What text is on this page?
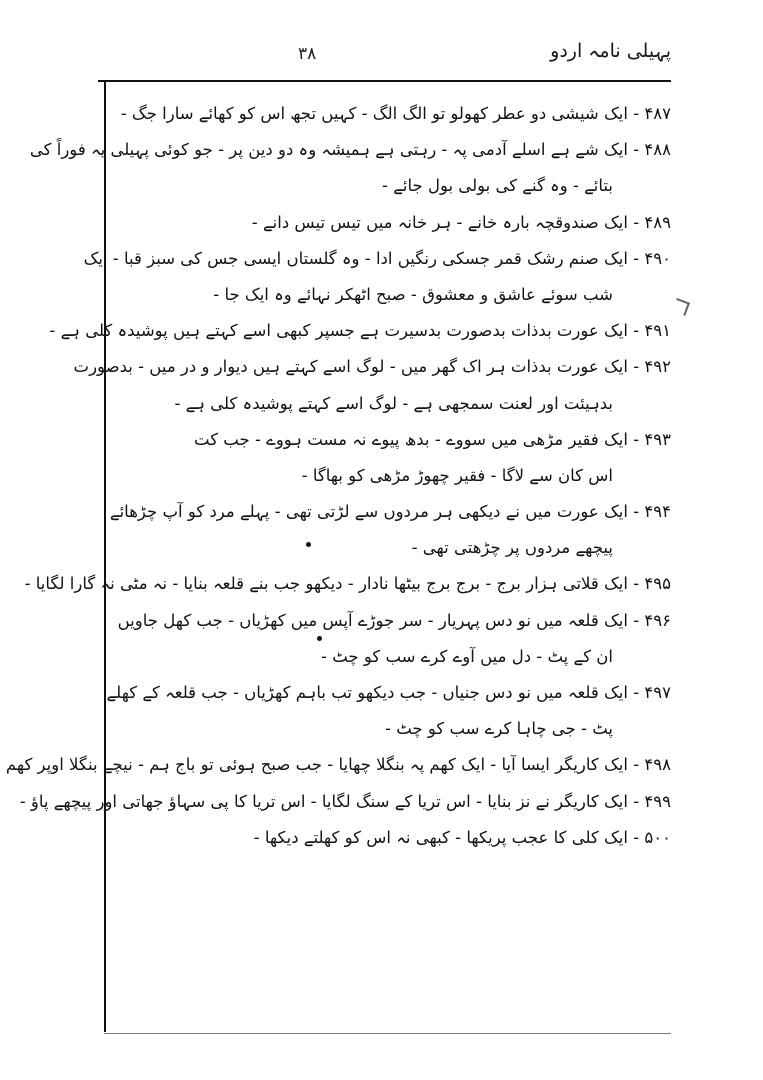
پہیلی نامہ اردو
۳۸
۴۸۷ - ایک شیشی دو عطر کھولو تو الگ الگ - کہیں تجھ اس کو کھائے سارا جگ -
۴۸۸ - ایک شے ہے اسلے آدمی پہ - رہتی ہے ہمیشہ وہ دو دین پر - جو کوئی پہیلی یہ فوراً کی
بتائے - وہ گنے کی بولی بول جائے -
۴۸۹ - ایک صندوقچہ بارہ خانے - ہر خانہ میں تیس تیس دانے -
۴۹۰ - ایک صنم رشک قمر جسکی رنگیں ادا - وہ گلستاں ایسی جس کی سبز قبا - ایک
شب سوئے عاشق و معشوق - صبح اٹھکر نہائے وہ ایک جا -
۴۹۱ - ایک عورت بدذات بدصورت بدسیرت ہے جسپر کبھی اسے کہتے ہیں پوشیدہ کلی ہے -
۴۹۲ - ایک عورت بدذات ہر اک گھر میں - لوگ اسے کہتے ہیں دیوار و در میں - بدصورت
بدہیئت اور لعنت سمجھی ہے - لوگ اسے کہتے پوشیدہ کلی ہے -
۴۹۳ - ایک فقیر مڑھی میں سووے - بدھ پیوے نہ مست ہووے - جب کت
اس کان سے لاگا - فقیر چھوڑ مڑھی کو بھاگا -
۴۹۴ - ایک عورت میں نے دیکھی ہر مردوں سے لڑتی تھی - پہلے مرد کو آپ چڑھائے
پیچھے مردوں پر چڑھتی تھی -
۴۹۵ - ایک قلاتی ہزار برج - برج برج بیٹھا نادار - دیکھو جب بنے قلعہ بنایا - نہ مٹی نہ گارا لگایا -
۴۹۶ - ایک قلعہ میں نو دس پہریار - سر جوڑے آپس میں کھڑیاں - جب کھل جاویں
ان کے پٹ - دل میں آوے کرے سب کو چٹ -
۴۹۷ - ایک قلعہ میں نو دس جنیاں - جب دیکھو تب باہم کھڑیاں - جب قلعہ کے کھلے
پٹ - جی چاہا کرے سب کو چٹ -
۴۹۸ - ایک کاریگر ایسا آیا - ایک کھم پہ بنگلا چھایا - جب صبح ہوئی تو باج ہم - نیچے بنگلا اوپر کھم
۴۹۹ - ایک کاریگر نے نز بنایا - اس تریا کے سنگ لگایا - اس تریا کا پی سہاؤ جھاتی اور پیچھے پاؤ -
۵۰۰ - ایک کلی کا عجب پریکھا - کبھی نہ اس کو کھلتے دیکھا -
